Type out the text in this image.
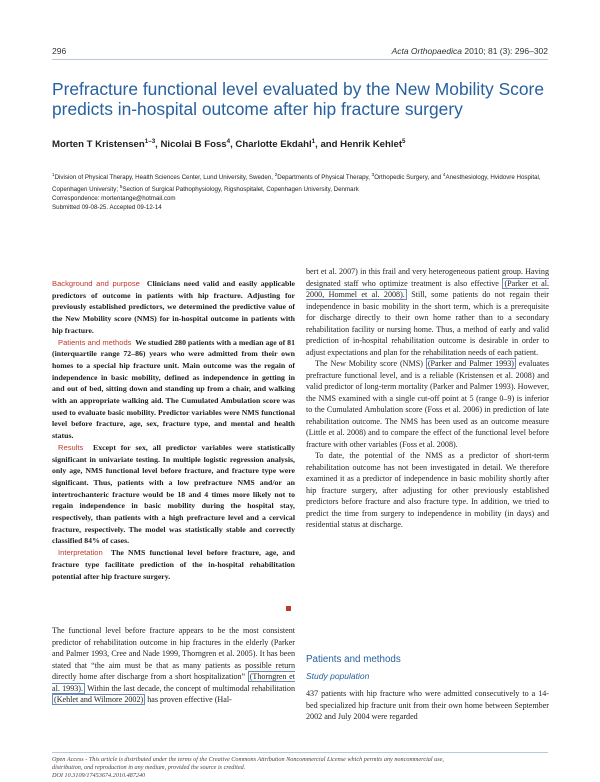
296	Acta Orthopaedica 2010; 81 (3): 296–302
Prefracture functional level evaluated by the New Mobility Score predicts in-hospital outcome after hip fracture surgery
Morten T Kristensen$^{1-3}$, Nicolai B Foss$^4$, Charlotte Ekdahl$^1$, and Henrik Kehlet$^5$
$^1$Division of Physical Therapy, Health Sciences Center, Lund University, Sweden, $^2$Departments of Physical Therapy, $^3$Orthopedic Surgery, and $^4$Anesthesiology, Hvidovre Hospital, Copenhagen University; $^5$Section of Surgical Pathophysiology, Rigshospitalet, Copenhagen University, Denmark
Correspondence: mortentange@hotmail.com
Submitted 09-08-25. Accepted 09-12-14

Background and purpose Clinicians need valid and easily applicable predictors of outcome in patients with hip fracture. Adjusting for previously established predictors, we determined the predictive value of the New Mobility score (NMS) for in-hospital outcome in patients with hip fracture.

Patients and methods We studied 280 patients with a median age of 81 (interquartile range 72–86) years who were admitted from their own homes to a special hip fracture unit. Main outcome was the regain of independence in basic mobility, defined as independence in getting in and out of bed, sitting down and standing up from a chair, and walking with an appropriate walking aid. The Cumulated Ambulation score was used to evaluate basic mobility. Predictor variables were NMS functional level before fracture, age, sex, fracture type, and mental and health status.

Results Except for sex, all predictor variables were statistically significant in univariate testing. In multiple logistic regression analysis, only age, NMS functional level before fracture, and fracture type were significant. Thus, patients with a low prefracture NMS and/or an intertrochanteric fracture would be 18 and 4 times more likely not to regain independence in basic mobility during the hospital stay, respectively, than patients with a high prefracture level and a cervical fracture, respectively. The model was statistically stable and correctly classified 84% of cases.

Interpretation The NMS functional level before fracture, age, and fracture type facilitate prediction of the in-hospital rehabilitation potential after hip fracture surgery.

The functional level before fracture appears to be the most consistent predictor of rehabilitation outcome in hip fractures in the elderly (Parker and Palmer 1993, Cree and Nade 1999, Thorngren et al. 2005). It has been stated that “the aim must be that as many patients as possible return directly home after discharge from a short hospitalization” (Thorngren et al. 1993). Within the last decade, the concept of multimodal rehabilitation (Kehlet and Wilmore 2002) has proven effective (Hal-

bert et al. 2007) in this frail and very heterogeneous patient group. Having designated staff who optimize treatment is also effective (Parker et al. 2000, Hommel et al. 2008). Still, some patients do not regain their independence in basic mobility in the short term, which is a prerequisite for discharge directly to their own home rather than to a secondary rehabilitation facility or nursing home. Thus, a method of early and valid prediction of in-hospital rehabilitation outcome is desirable in order to adjust expectations and plan for the rehabilitation needs of each patient.

The New Mobility score (NMS) (Parker and Palmer 1993) evaluates prefracture functional level, and is a reliable (Kristensen et al. 2008) and valid predictor of long-term mortality (Parker and Palmer 1993). However, the NMS examined with a single cut-off point at 5 (range 0–9) is inferior to the Cumulated Ambulation score (Foss et al. 2006) in prediction of late rehabilitation outcome. The NMS has been used as an outcome measure (Little et al. 2008) and to compare the effect of the functional level before fracture with other variables (Foss et al. 2008).

To date, the potential of the NMS as a predictor of short-term rehabilitation outcome has not been investigated in detail. We therefore examined it as a predictor of independence in basic mobility shortly after hip fracture surgery, after adjusting for other previously established predictors before fracture and also fracture type. In addition, we tried to predict the time from surgery to independence in mobility (in days) and residential status at discharge.

Patients and methods
Study population

437 patients with hip fracture who were admitted consecutively to a 14-bed specialized hip fracture unit from their own home between September 2002 and July 2004 were regarded

Open Access - This article is distributed under the terms of the Creative Commons Attribution Noncommercial License which permits any noncommercial use,
distribution, and reproduction in any medium, provided the source is credited.
DOI 10.3109/17453674.2010.487240
